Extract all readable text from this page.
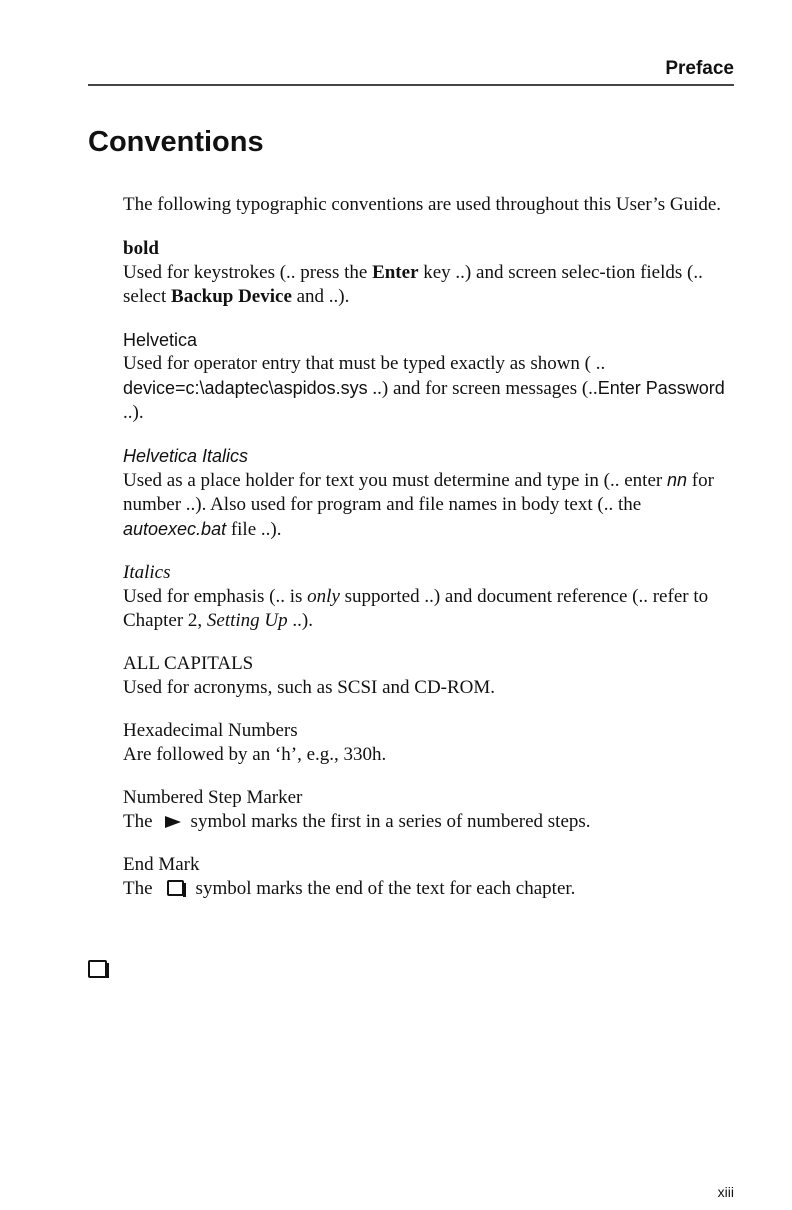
Preface
Conventions

The following typographic conventions are used throughout this User’s Guide.

bold

Used for keystrokes (.. press the Enter key ..) and screen selec-tion fields (.. select Backup Device and ..).

Helvetica

Used for operator entry that must be typed exactly as shown ( .. device=c:\adaptec\aspidos.sys ..) and for screen messages (..Enter Password ..).

Helvetica Italics

Used as a place holder for text you must determine and type in (.. enter nn for number ..). Also used for program and file names in body text (.. the autoexec.bat file ..).

Italics

Used for emphasis (.. is only supported ..) and document reference (.. refer to Chapter 2, Setting Up ..).

ALL CAPITALS

Used for acronyms, such as SCSI and CD-ROM.

Hexadecimal Numbers

Are followed by an ‘h’, e.g., 330h.

Numbered Step Marker

The symbol marks the first in a series of numbered steps.

End Mark

The symbol marks the end of the text for each chapter.

xiii
